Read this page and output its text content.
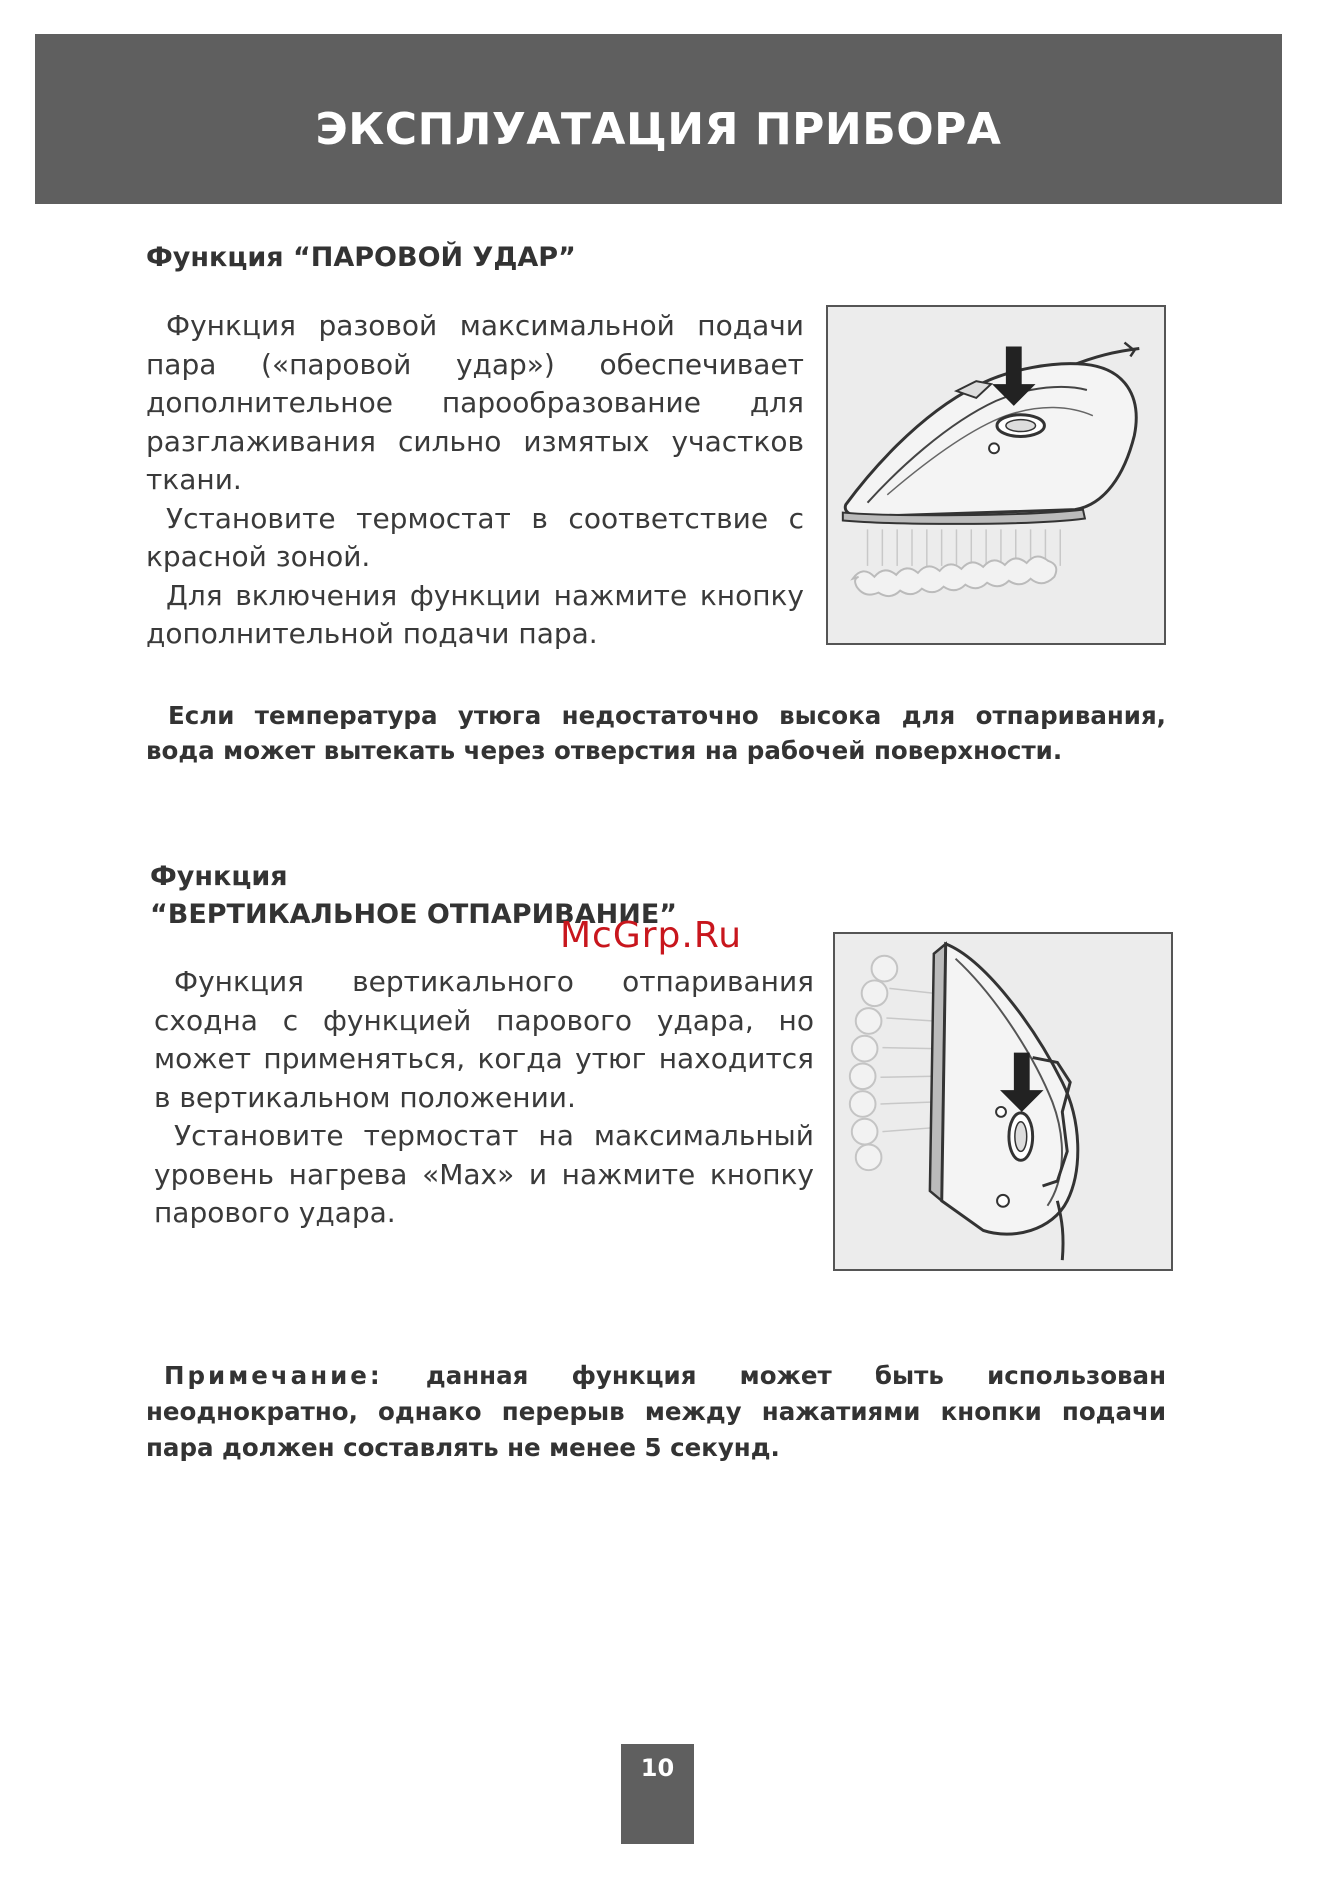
ЭКСПЛУАТАЦИЯ ПРИБОРА
Функция “ПАРОВОЙ УДАР”

Функция разовой максимальной подачи пара («паровой удар») обеспечивает дополнительное парообразование для разглаживания сильно измятых участков ткани.

Установите термостат в соответствие с красной зоной.

Для включения функции нажмите кнопку дополнительной подачи пара.

Если температура утюга недостаточно высока для отпаривания, вода может вытекать через отверстия на рабочей поверхности.
Функция
“ВЕРТИКАЛЬНОЕ ОТПАРИВАНИЕ”

Функция вертикального отпаривания сходна с функцией парового удара, но может применяться, когда утюг находится в вертикальном положении.

Установите термостат на максимальный уровень нагрева «Max» и нажмите кнопку парового удара.

McGrp.Ru
Примечание: данная функция может быть использован неоднократно, однако перерыв между нажатиями кнопки подачи пара должен составлять не менее 5 секунд.
10
